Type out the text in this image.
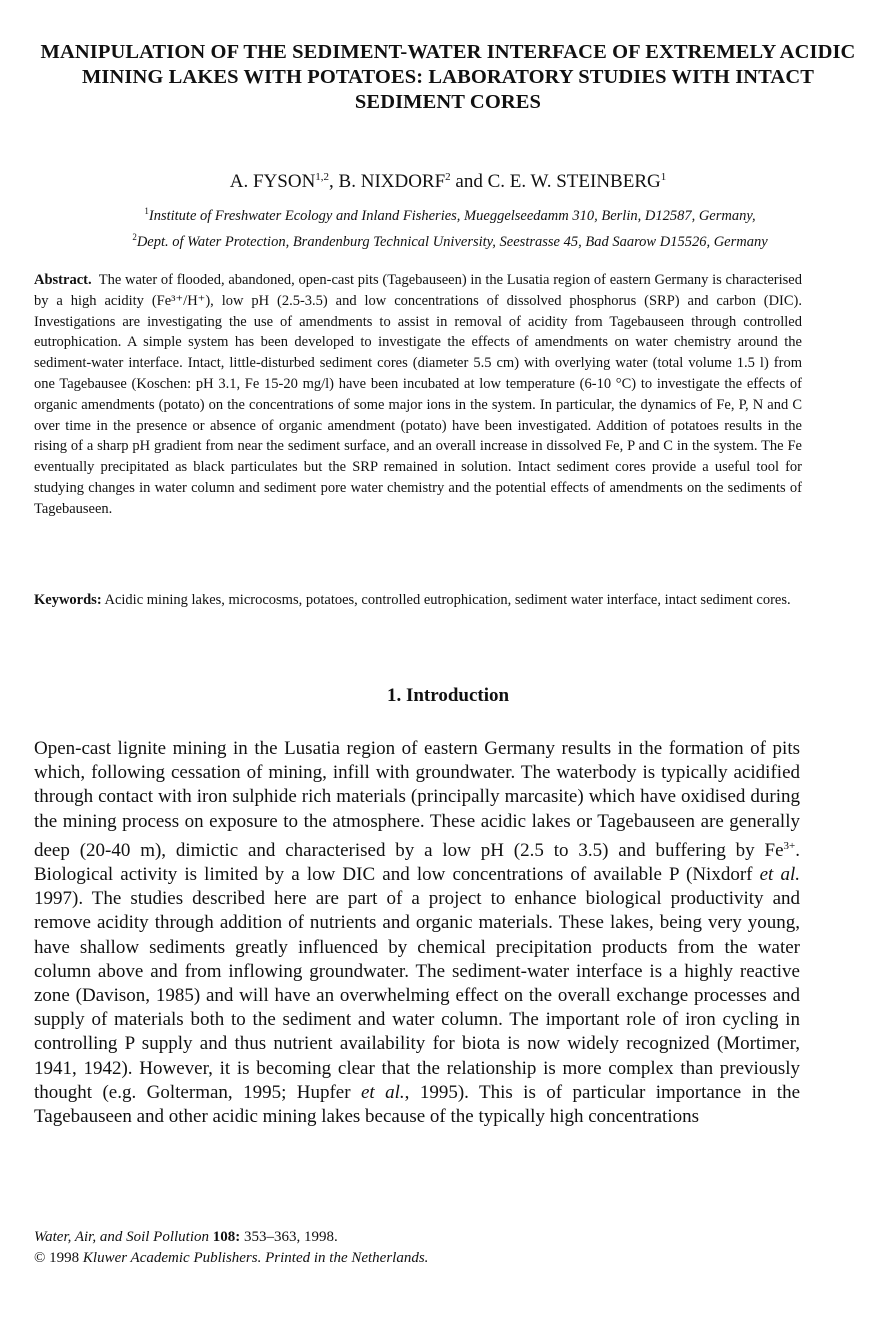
MANIPULATION OF THE SEDIMENT-WATER INTERFACE OF EXTREMELY ACIDIC MINING LAKES WITH POTATOES: LABORATORY STUDIES WITH INTACT SEDIMENT CORES
A. FYSON$^{1,2}$, B. NIXDORF$^2$ and C. E. W. STEINBERG$^1$
$^1$Institute of Freshwater Ecology and Inland Fisheries, Mueggelseedamm 310, Berlin, D12587, Germany,
$^2$Dept. of Water Protection, Brandenburg Technical University, Seestrasse 45, Bad Saarow D15526, Germany
Abstract. The water of flooded, abandoned, open-cast pits (Tagebauseen) in the Lusatia region of eastern Germany is characterised by a high acidity (Fe³⁺/H⁺), low pH (2.5-3.5) and low concentrations of dissolved phosphorus (SRP) and carbon (DIC). Investigations are investigating the use of amendments to assist in removal of acidity from Tagebauseen through controlled eutrophication. A simple system has been developed to investigate the effects of amendments on water chemistry around the sediment-water interface. Intact, little-disturbed sediment cores (diameter 5.5 cm) with overlying water (total volume 1.5 l) from one Tagebausee (Koschen: pH 3.1, Fe 15-20 mg/l) have been incubated at low temperature (6-10 °C) to investigate the effects of organic amendments (potato) on the concentrations of some major ions in the system. In particular, the dynamics of Fe, P, N and C over time in the presence or absence of organic amendment (potato) have been investigated. Addition of potatoes results in the rising of a sharp pH gradient from near the sediment surface, and an overall increase in dissolved Fe, P and C in the system. The Fe eventually precipitated as black particulates but the SRP remained in solution. Intact sediment cores provide a useful tool for studying changes in water column and sediment pore water chemistry and the potential effects of amendments on the sediments of Tagebauseen.
Keywords: Acidic mining lakes, microcosms, potatoes, controlled eutrophication, sediment water interface, intact sediment cores.
1. Introduction
Open-cast lignite mining in the Lusatia region of eastern Germany results in the formation of pits which, following cessation of mining, infill with groundwater. The waterbody is typically acidified through contact with iron sulphide rich materials (principally marcasite) which have oxidised during the mining process on exposure to the atmosphere. These acidic lakes or Tagebauseen are generally deep (20-40 m), dimictic and characterised by a low pH (2.5 to 3.5) and buffering by $Fe^{3+}$. Biological activity is limited by a low DIC and low concentrations of available P (Nixdorf et al. 1997). The studies described here are part of a project to enhance biological productivity and remove acidity through addition of nutrients and organic materials. These lakes, being very young, have shallow sediments greatly influenced by chemical precipitation products from the water column above and from inflowing groundwater. The sediment-water interface is a highly reactive zone (Davison, 1985) and will have an overwhelming effect on the overall exchange processes and supply of materials both to the sediment and water column. The important role of iron cycling in controlling P supply and thus nutrient availability for biota is now widely recognized (Mortimer, 1941, 1942). However, it is becoming clear that the relationship is more complex than previously thought (e.g. Golterman, 1995; Hupfer et al., 1995). This is of particular importance in the Tagebauseen and other acidic mining lakes because of the typically high concentrations
Water, Air, and Soil Pollution 108: 353–363, 1998.
© 1998 Kluwer Academic Publishers. Printed in the Netherlands.
